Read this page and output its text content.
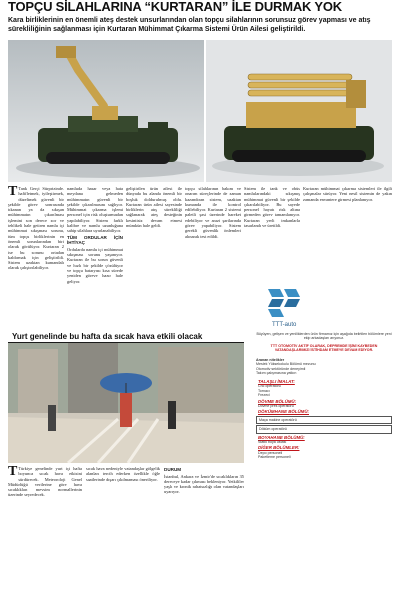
TOPÇU SİLAHLARINA “KURTARAN” İLE DURMAK YOK
Kara birliklerinin en önemli ateş destek unsurlarından olan topçu silahlarının sorunsuz görev yapması ve atış sürekliliğinin sağlanması için Kurtaran Mühimmat Çıkarma Sistemi Ürün Ailesi geliştirildi.
T Tank Gerçi Sürprizinde. hafifletmek, iyileştirmek, düzeltmek güvenli bir şekilde görev sonrasında tıkanan ya da sıkışan mühimmatın çıkarılması işlemini son derece zor ve tehlikeli hale getiren namlu içi mühimmat sıkışması sorunu, tüm topçu birliklerinin en önemli sorunlarından biri olarak görülüyor. Kurtaran 2 ise bu sorunu ortadan kaldırmak için geliştirildi. Sistem uzaktan kumandalı olarak çalıştırılabiliyor.

namluda hasar veya hata meydana gelmeden mühimmatın güvenli bir şekilde çıkarılmasını sağlıyor. Mühimmat çıkarma işlemi personel için risk oluşturmadan yapılabiliyor. Sistem farklı kalibre ve namlu uzunluğuna sahip silahlara uyarlanabiliyor.

TÜM ORDULAR İÇİN İHTİYAÇ

Ordularda namlu içi mühimmat sıkışması sorunu yaşanıyor. Kurtaran ile bu sorun güvenli ve hızlı bir şekilde çözülüyor ve topçu bataryası kısa sürede yeniden göreve hazır hale geliyor.

geliştirilen ürün ailesi ile dünyada bu alanda önemli bir boşluk doldurulmuş oldu. Kurtaran ürün ailesi sayesinde birliklerin atış sürekliliği sağlanarak ateş desteğinin kesintisiz devam etmesi mümkün hale geldi.

topçu silahlarının bakım ve onarım süreçlerinde de zaman kazandıran sistem, uzaktan kumanda ile kontrol edilebiliyor. Kurtaran 2 sistemi paletli şasi üzerinde hareket edebiliyor ve arazi şartlarında görev yapabiliyor. Sistem gerekli güvenlik önlemleri alınarak test edildi.

Sistem ile tank ve obüs namlularındaki sıkışmış mühimmat güvenli bir şekilde çıkarılabiliyor. Bu sayede personel hayatı risk altına girmeden görev tamamlanıyor. Kurtaran yerli imkanlarla tasarlandı ve üretildi.

Kurtaran mühimmat çıkarma sistemleri ile ilgili çalışmalar sürüyor. Yeni nesil sistemin de yakın zamanda envantere girmesi planlanıyor.

Yurt genelinde bu hafta da sıcak hava etkili olacak
T Türkiye genelinde yurt içi hafta boyunca sıcak hava etkisini sürdürecek. Meteoroloji Genel Müdürlüğü verilerine göre hava sıcaklıkları mevsim normallerinin üzerinde seyredecek.

sıcak hava nedeniyle vatandaşlar gölgelik alanları tercih ederken özellikle öğle saatlerinde dışarı çıkılmaması öneriliyor.

DURUM

İstanbul, Ankara ve İzmir'de sıcaklıkların 35 dereceye kadar çıkması bekleniyor. Yetkililer yaşlı ve kronik rahatsızlığı olan vatandaşları uyarıyor.

TTT-auto
Büyüyen, gelişen ve yeniliklerden ürün firmamız için aşağıda belirtilen bölümlere yeni ekip arkadaşları arıyoruz.
TTT OTOMOTİV AKTİF OLARAK, DEPREMDE İŞİNİ KAYBEDEN VATANDAŞLARIMIZI İSTİHDAM ETMEYE DEVAM EDİYOR.
Aranan nitelikler
Meslek Yüksekokulu Bölümü mezunu
Otomotiv sektöründe deneyimli
Takım çalışmasına yatkın
TALAŞLI İMALAT:
Cnc operatörü
Tornacı
Frezeci
DÖVME BÖLÜMÜ:
Dövme pres operatörü
DÖKÜMHANE BÖLÜMÜ:
Maça makine operatörü
Döküm operatörü
BOYAHANE BÖLÜMÜ:
Statik boya ustası
DİĞER BÖLÜMLER:
Depo personeli
Paketleme personeli
